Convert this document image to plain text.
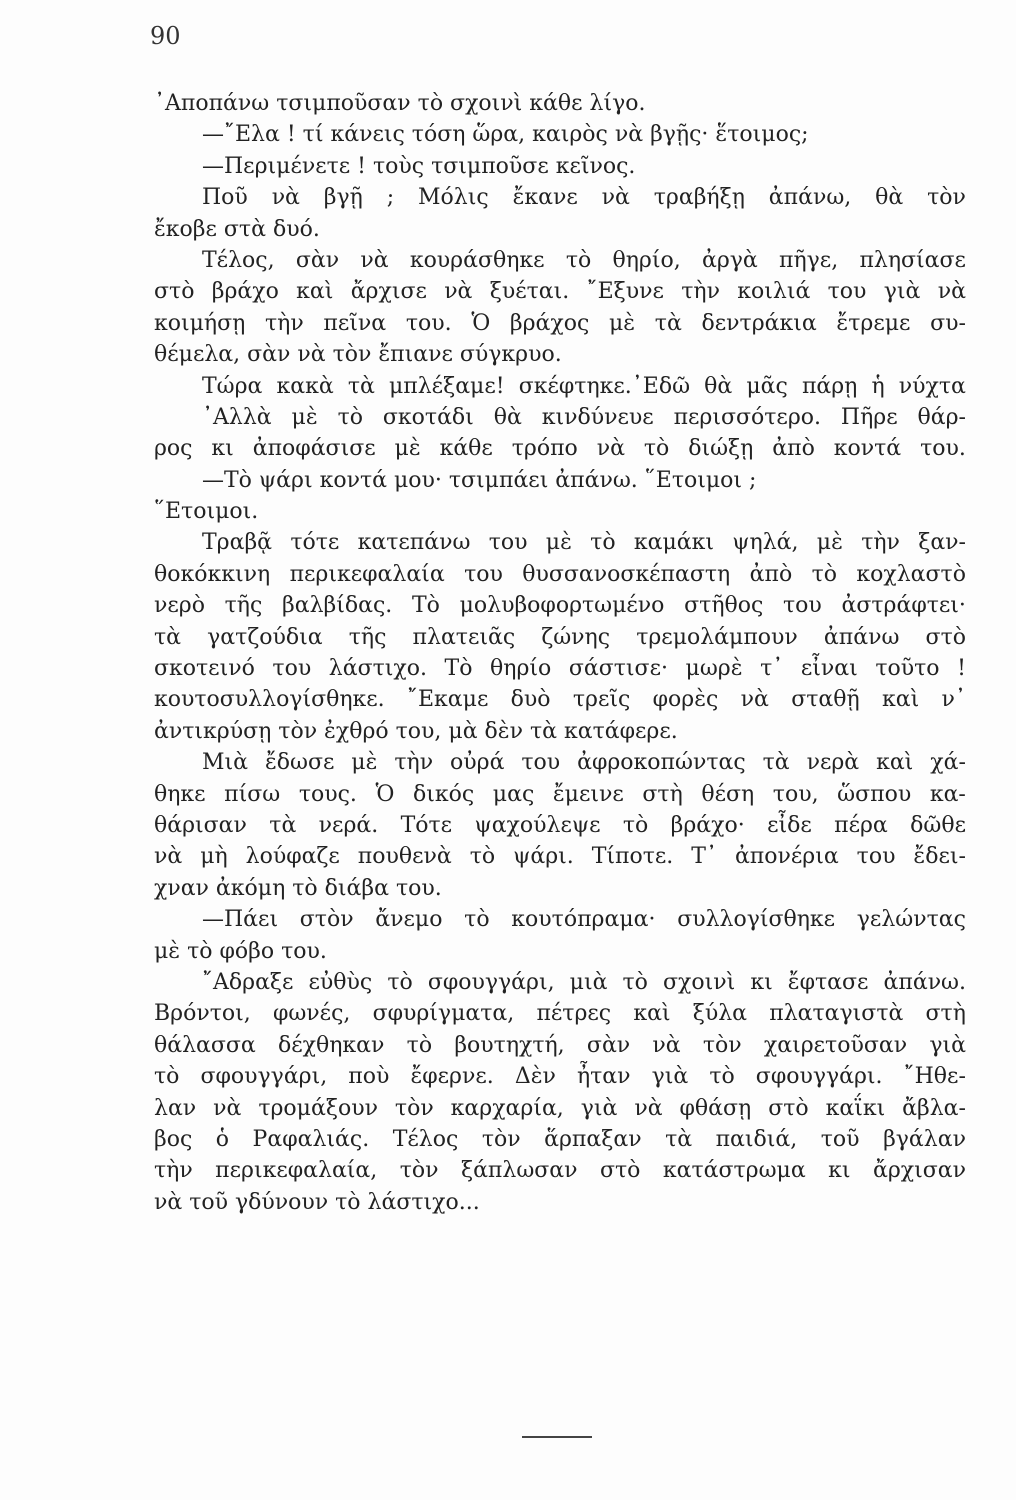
90
᾿Αποπάνω τσιμποῦσαν τὸ σχοινὶ κάθε λίγο.
—῎Ελα ! τί κάνεις τόση ὥρα, καιρὸς νὰ βγῇς· ἕτοιμος;
—Περιμένετε ! τοὺς τσιμποῦσε κεῖνος.
Ποῦ νὰ βγῇ ; Μόλις ἔκανε νὰ τραβήξῃ ἀπάνω, θὰ τὸν
ἔκοβε στὰ δυό.
Τέλος, σὰν νὰ κουράσθηκε τὸ θηρίο, ἀργὰ πῆγε, πλησίασε
στὸ βράχο καὶ ἄρχισε νὰ ξυέται. ῎Εξυνε τὴν κοιλιά του γιὰ νὰ
κοιμήσῃ τὴν πεῖνα του. Ὁ βράχος μὲ τὰ δεντράκια ἔτρεμε συ-
θέμελα, σὰν νὰ τὸν ἔπιανε σύγκρυο.
Τώρα κακὰ τὰ μπλέξαμε! σκέφτηκε.᾿Εδῶ θὰ μᾶς πάρῃ ἡ νύχτα
᾿Αλλὰ μὲ τὸ σκοτάδι θὰ κινδύνευε περισσότερο. Πῆρε θάρ-
ρος κι ἀποφάσισε μὲ κάθε τρόπο νὰ τὸ διώξῃ ἀπὸ κοντά του.
—Τὸ ψάρι κοντά μου· τσιμπάει ἀπάνω. ῞Ετοιμοι ;
῞Ετοιμοι.
Τραβᾷ τότε κατεπάνω του μὲ τὸ καμάκι ψηλά, μὲ τὴν ξαν-
θοκόκκινη περικεφαλαία του θυσσανοσκέπαστη ἀπὸ τὸ κοχλαστὸ
νερὸ τῆς βαλβίδας. Τὸ μολυβοφορτωμένο στῆθος του ἀστράφτει·
τὰ γατζούδια τῆς πλατειᾶς ζώνης τρεμολάμπουν ἀπάνω στὸ
σκοτεινό του λάστιχο. Τὸ θηρίο σάστισε· μωρὲ τ᾿ εἶναι τοῦτο !
κουτοσυλλογίσθηκε. ῎Εκαμε δυὸ τρεῖς φορὲς νὰ σταθῇ καὶ ν᾿
ἀντικρύσῃ τὸν ἐχθρό του, μὰ δὲν τὰ κατάφερε.
Μιὰ ἔδωσε μὲ τὴν οὐρά του ἀφροκοπώντας τὰ νερὰ καὶ χά-
θηκε πίσω τους. Ὁ δικός μας ἔμεινε στὴ θέση του, ὥσπου κα-
θάρισαν τὰ νερά. Τότε ψαχούλεψε τὸ βράχο· εἶδε πέρα δῶθε
νὰ μὴ λούφαζε πουθενὰ τὸ ψάρι. Τίποτε. Τ᾿ ἀπονέρια του ἔδει-
χναν ἀκόμη τὸ διάβα του.
—Πάει στὸν ἄνεμο τὸ κουτόπραμα· συλλογίσθηκε γελώντας
μὲ τὸ φόβο του.
῎Αδραξε εὐθὺς τὸ σφουγγάρι, μιὰ τὸ σχοινὶ κι ἔφτασε ἀπάνω.
Βρόντοι, φωνές, σφυρίγματα, πέτρες καὶ ξύλα πλαταγιστὰ στὴ
θάλασσα δέχθηκαν τὸ βουτηχτή, σὰν νὰ τὸν χαιρετοῦσαν γιὰ
τὸ σφουγγάρι, ποὺ ἔφερνε. Δὲν ἦταν γιὰ τὸ σφουγγάρι. ῎Ηθε-
λαν νὰ τρομάξουν τὸν καρχαρία, γιὰ νὰ φθάσῃ στὸ καΐκι ἄβλα-
βος ὁ Ραφαλιάς. Τέλος τὸν ἅρπαξαν τὰ παιδιά, τοῦ βγάλαν
τὴν περικεφαλαία, τὸν ξάπλωσαν στὸ κατάστρωμα κι ἄρχισαν
νὰ τοῦ γδύνουν τὸ λάστιχο...
